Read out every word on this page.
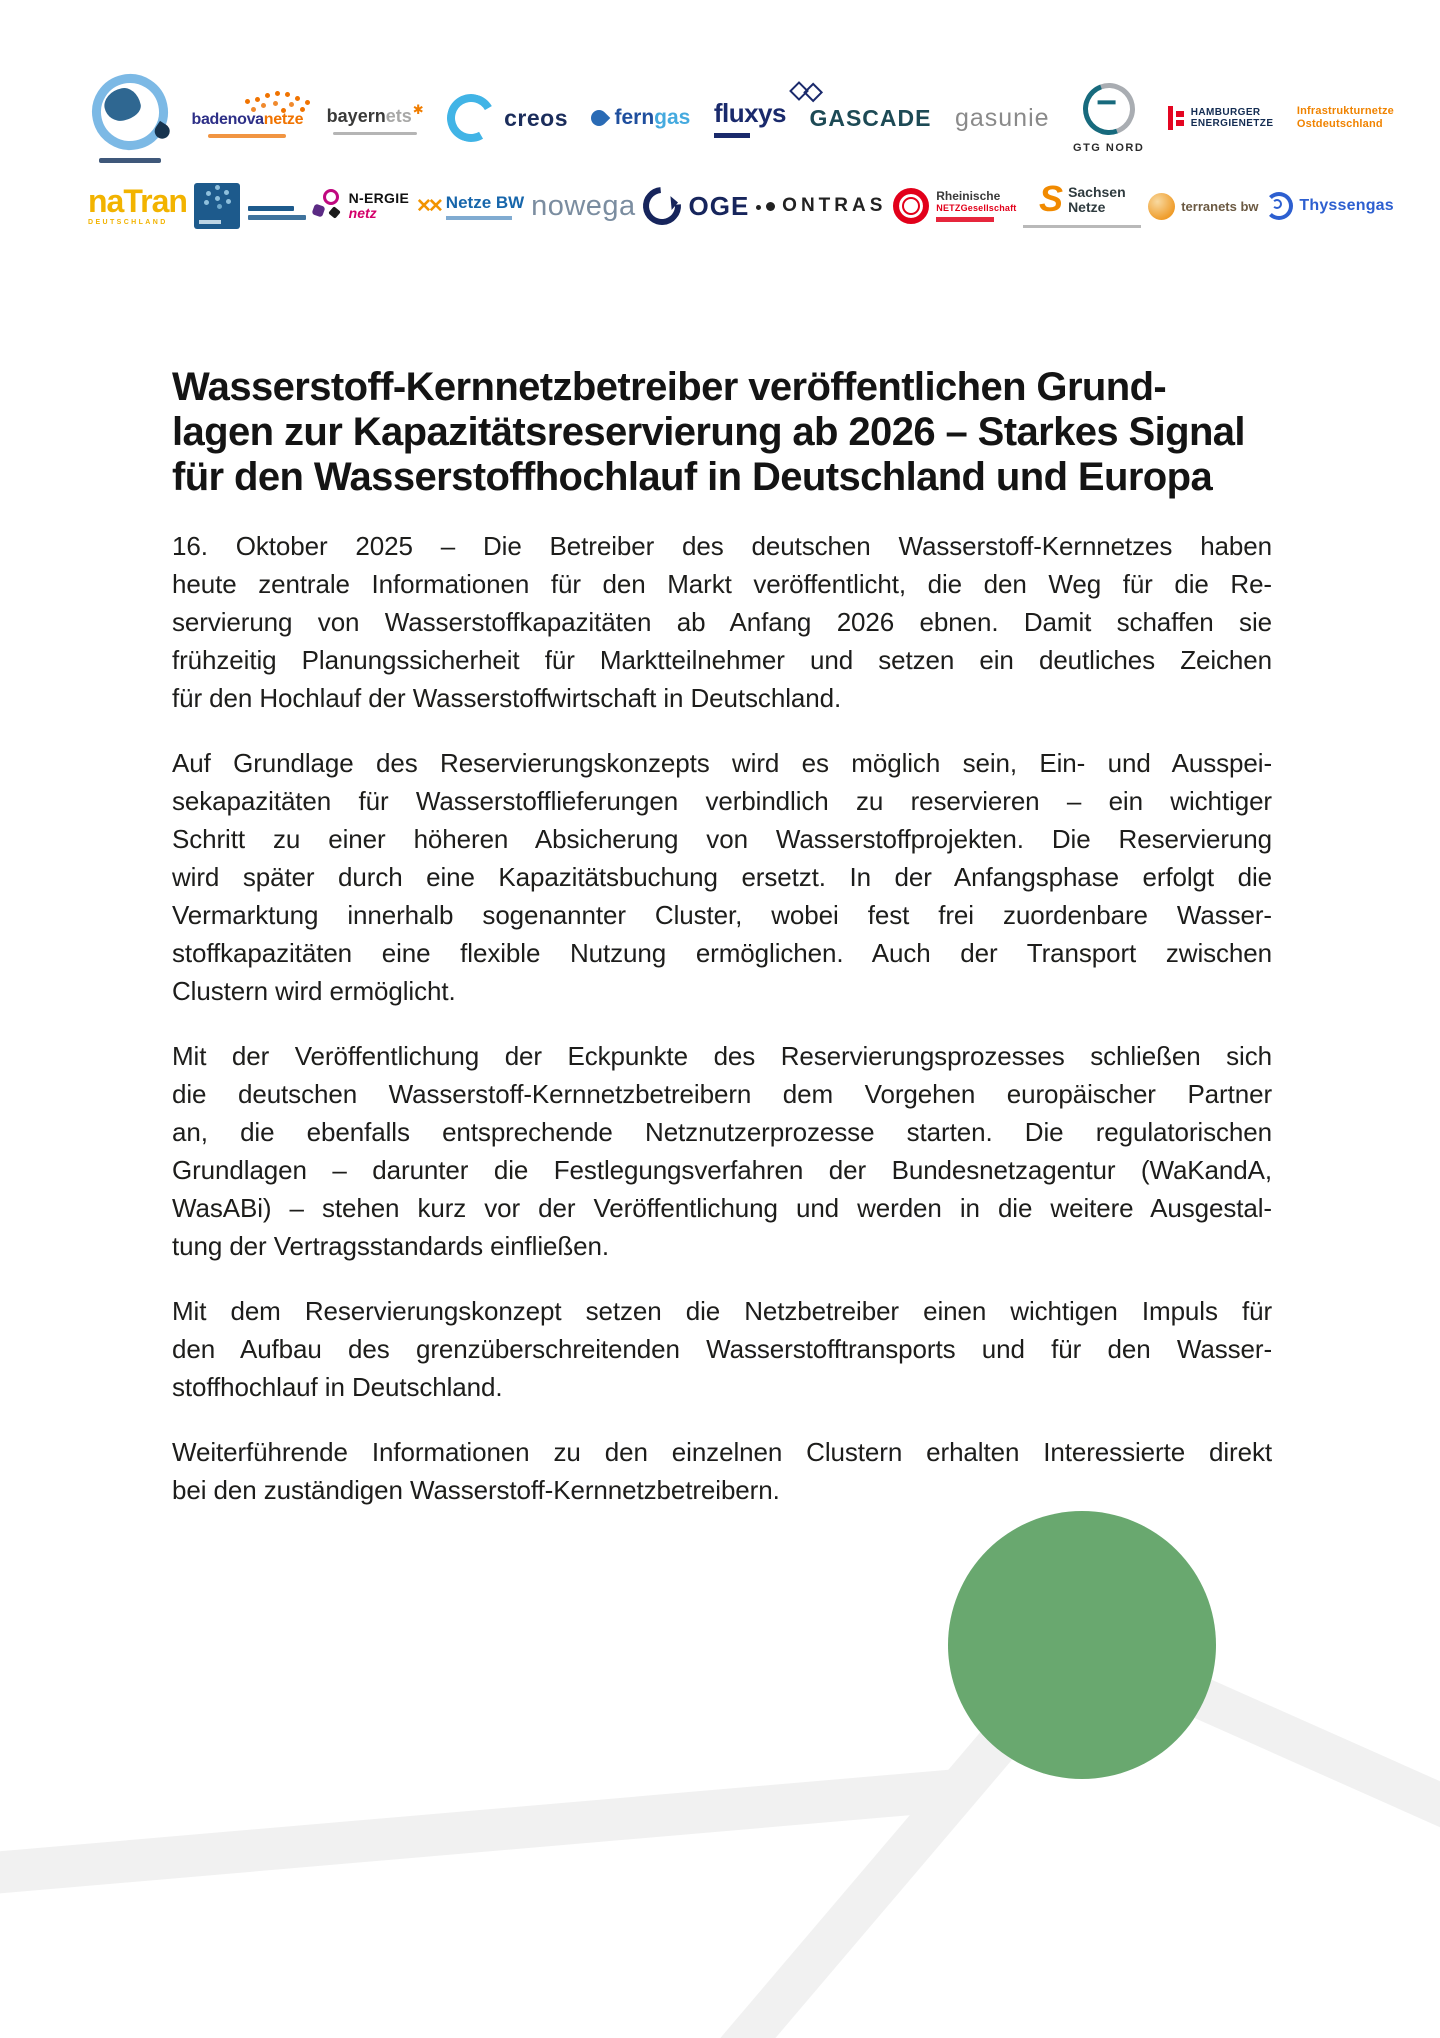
badenovanetze bayernets ✱	creos fern gas fluxys GASCADE gasunie
GTG NORD
HAMBURGER
ENERGIENETZE
Infrastrukturnetze
Ostdeutschland
naTran
DEUTSCHLAND
N-ERGIE
netz
✕✕
Netze BW nowega OGE ONTRAS	Rheinische
NETZGesellschaft
S
Sachsen
Netze	terranets bw	Thyssengas
Wasserstoff-Kernnetzbetreiber veröffentlichen Grund-
lagen zur Kapazitätsreservierung ab 2026 – Starkes Signal
für den Wasserstoffhochlauf in Deutschland und Europa
16. Oktober 2025 – Die Betreiber des deutschen Wasserstoff-Kernnetzes haben
heute zentrale Informationen für den Markt veröffentlicht, die den Weg für die Re-
servierung von Wasserstoffkapazitäten ab Anfang 2026 ebnen. Damit schaffen sie
frühzeitig Planungssicherheit für Marktteilnehmer und setzen ein deutliches Zeichen
für den Hochlauf der Wasserstoffwirtschaft in Deutschland.
Auf Grundlage des Reservierungskonzepts wird es möglich sein, Ein- und Ausspei-
sekapazitäten für Wasserstofflieferungen verbindlich zu reservieren – ein wichtiger
Schritt zu einer höheren Absicherung von Wasserstoffprojekten. Die Reservierung
wird später durch eine Kapazitätsbuchung ersetzt. In der Anfangsphase erfolgt die
Vermarktung innerhalb sogenannter Cluster, wobei fest frei zuordenbare Wasser-
stoffkapazitäten eine flexible Nutzung ermöglichen. Auch der Transport zwischen
Clustern wird ermöglicht.
Mit der Veröffentlichung der Eckpunkte des Reservierungsprozesses schließen sich
die deutschen Wasserstoff-Kernnetzbetreibern dem Vorgehen europäischer Partner
an, die ebenfalls entsprechende Netznutzerprozesse starten. Die regulatorischen
Grundlagen – darunter die Festlegungsverfahren der Bundesnetzagentur (WaKandA,
WasABi) – stehen kurz vor der Veröffentlichung und werden in die weitere Ausgestal-
tung der Vertragsstandards einfließen.
Mit dem Reservierungskonzept setzen die Netzbetreiber einen wichtigen Impuls für
den Aufbau des grenzüberschreitenden Wasserstofftransports und für den Wasser-
stoffhochlauf in Deutschland.
Weiterführende Informationen zu den einzelnen Clustern erhalten Interessierte direkt
bei den zuständigen Wasserstoff-Kernnetzbetreibern.
